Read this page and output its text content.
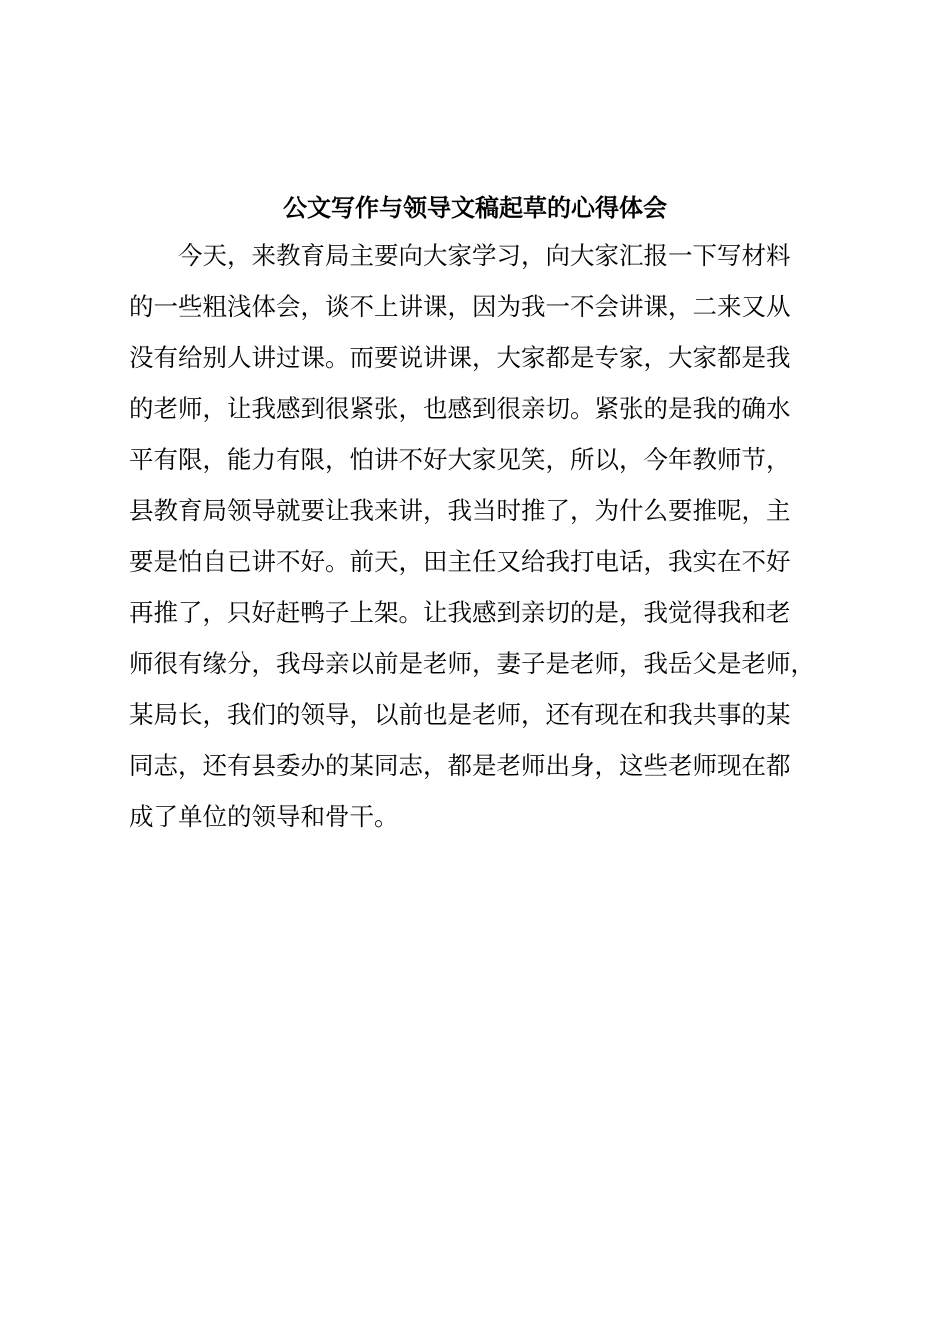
公文写作与领导文稿起草的心得体会
今天，来教育局主要向大家学习，向大家汇报一下写材料
的一些粗浅体会，谈不上讲课，因为我一不会讲课，二来又从
没有给别人讲过课。而要说讲课，大家都是专家，大家都是我
的老师，让我感到很紧张，也感到很亲切。紧张的是我的确水
平有限，能力有限，怕讲不好大家见笑，所以，今年教师节，
县教育局领导就要让我来讲，我当时推了，为什么要推呢，主
要是怕自已讲不好。前天，田主任又给我打电话，我实在不好
再推了，只好赶鸭子上架。让我感到亲切的是，我觉得我和老
师很有缘分，我母亲以前是老师，妻子是老师，我岳父是老师，
某局长，我们的领导，以前也是老师，还有现在和我共事的某
同志，还有县委办的某同志，都是老师出身，这些老师现在都
成了单位的领导和骨干。
